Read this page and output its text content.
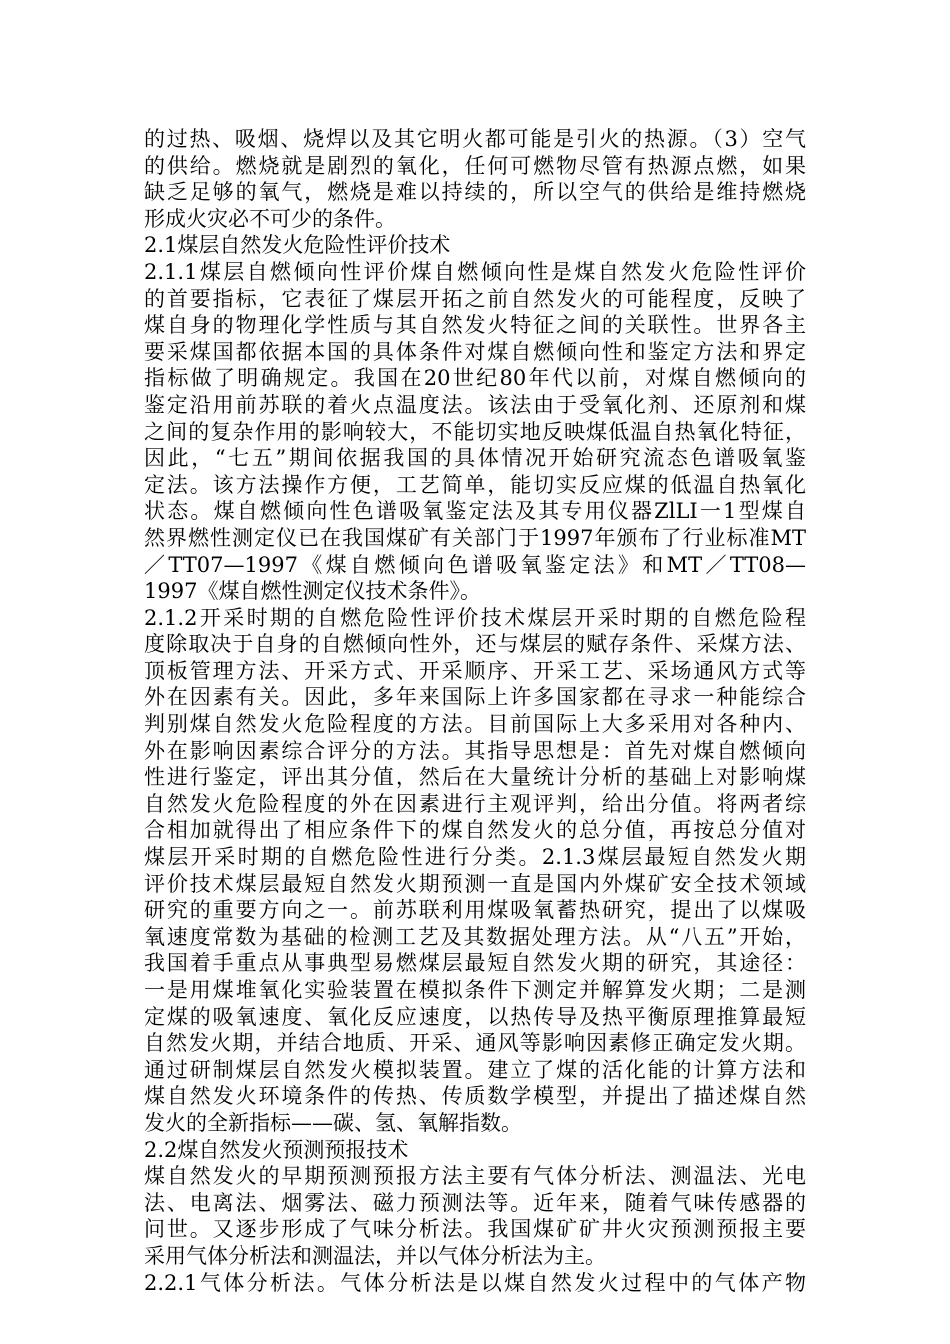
的过热、吸烟、烧焊以及其它明火都可能是引火的热源。（3）空气
的供给。燃烧就是剧烈的氧化，任何可燃物尽管有热源点燃，如果
缺乏足够的氧气，燃烧是难以持续的，所以空气的供给是维持燃烧
形成火灾必不可少的条件。
2.1煤层自然发火危险性评价技术
2.1.1煤层自燃倾向性评价煤自燃倾向性是煤自然发火危险性评价
的首要指标，它表征了煤层开拓之前自然发火的可能程度，反映了
煤自身的物理化学性质与其自然发火特征之间的关联性。世界各主
要采煤国都依据本国的具体条件对煤自燃倾向性和鉴定方法和界定
指标做了明确规定。我国在20世纪80年代以前，对煤自燃倾向的
鉴定沿用前苏联的着火点温度法。该法由于受氧化剂、还原剂和煤
之间的复杂作用的影响较大，不能切实地反映煤低温自热氧化特征，
因此，“七五”期间依据我国的具体情况开始研究流态色谱吸氧鉴
定法。该方法操作方便，工艺简单，能切实反应煤的低温自热氧化
状态。煤自燃倾向性色谱吸氧鉴定法及其专用仪器ZlLI一1型煤自
然界燃性测定仪已在我国煤矿有关部门于1997年颁布了行业标准MT
／TT07—1997《煤自燃倾向色谱吸氧鉴定法》和MT／TT08—
1997《煤自燃性测定仪技术条件》。
2.1.2开采时期的自燃危险性评价技术煤层开采时期的自燃危险程
度除取决于自身的自燃倾向性外，还与煤层的赋存条件、采煤方法、
顶板管理方法、开采方式、开采顺序、开采工艺、采场通风方式等
外在因素有关。因此，多年来国际上许多国家都在寻求一种能综合
判别煤自然发火危险程度的方法。目前国际上大多采用对各种内、
外在影响因素综合评分的方法。其指导思想是：首先对煤自燃倾向
性进行鉴定，评出其分值，然后在大量统计分析的基础上对影响煤
自然发火危险程度的外在因素进行主观评判，给出分值。将两者综
合相加就得出了相应条件下的煤自然发火的总分值，再按总分值对
煤层开采时期的自燃危险性进行分类。2.1.3煤层最短自然发火期
评价技术煤层最短自然发火期预测一直是国内外煤矿安全技术领域
研究的重要方向之一。前苏联利用煤吸氧蓄热研究，提出了以煤吸
氧速度常数为基础的检测工艺及其数据处理方法。从“八五”开始，
我国着手重点从事典型易燃煤层最短自然发火期的研究，其途径：
一是用煤堆氧化实验装置在模拟条件下测定并解算发火期；二是测
定煤的吸氧速度、氧化反应速度，以热传导及热平衡原理推算最短
自然发火期，并结合地质、开采、通风等影响因素修正确定发火期。
通过研制煤层自然发火模拟装置。建立了煤的活化能的计算方法和
煤自然发火环境条件的传热、传质数学模型，并提出了描述煤自然
发火的全新指标——碳、氢、氧解指数。
2.2煤自然发火预测预报技术
煤自然发火的早期预测预报方法主要有气体分析法、测温法、光电
法、电离法、烟雾法、磁力预测法等。近年来，随着气味传感器的
问世。又逐步形成了气味分析法。我国煤矿矿井火灾预测预报主要
采用气体分析法和测温法，并以气体分析法为主。
2.2.1气体分析法。气体分析法是以煤自然发火过程中的气体产物
